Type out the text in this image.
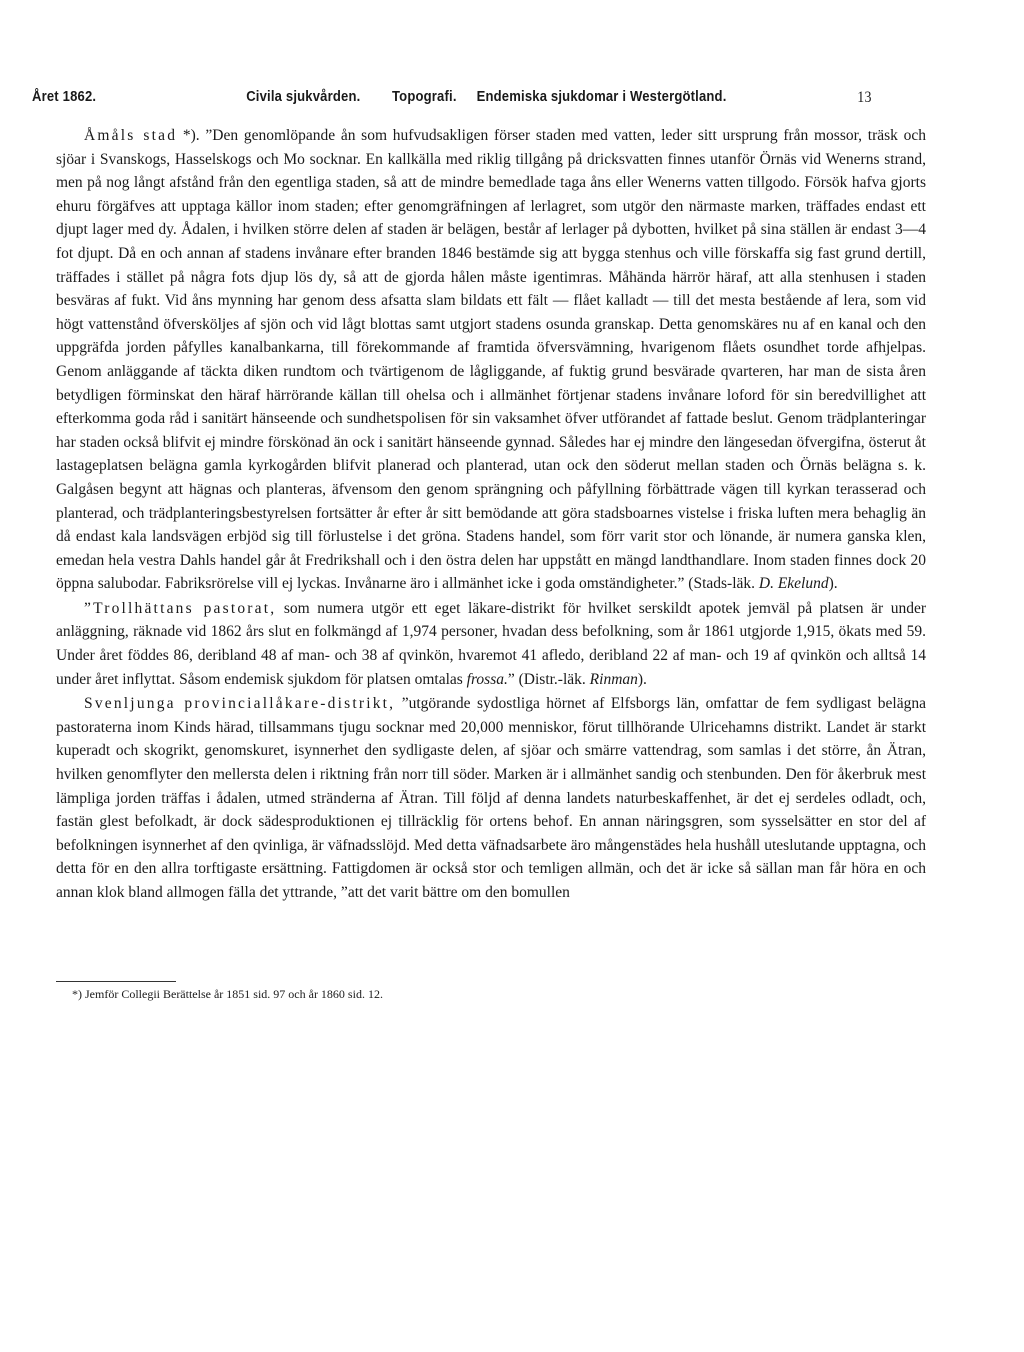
Året 1862.	Civila sjukvården. Topografi. Endemiska sjukdomar i Westergötland.	13

Åmåls stad *). ”Den genomlöpande ån som hufvudsakligen förser staden med vatten, leder sitt ursprung från mossor, träsk och sjöar i Svanskogs, Hasselskogs och Mo socknar. En kallkälla med riklig tillgång på dricksvatten finnes utanför Örnäs vid Wenerns strand, men på nog långt afstånd från den egentliga staden, så att de mindre bemedlade taga åns eller Wenerns vatten tillgodo. Försök hafva gjorts ehuru förgäfves att upptaga källor inom staden; efter genomgräfningen af lerlagret, som utgör den närmaste marken, träffades endast ett djupt lager med dy. Ådalen, i hvilken större delen af staden är belägen, består af lerlager på dybotten, hvilket på sina ställen är endast 3—4 fot djupt. Då en och annan af stadens invånare efter branden 1846 bestämde sig att bygga stenhus och ville förskaffa sig fast grund dertill, träffades i stället på några fots djup lös dy, så att de gjorda hålen måste igentimras. Måhända härrör häraf, att alla stenhusen i staden besväras af fukt. Vid åns mynning har genom dess afsatta slam bildats ett fält — flået kalladt — till det mesta bestående af lera, som vid högt vattenstånd öfversköljes af sjön och vid lågt blottas samt utgjort stadens osunda granskap. Detta genomskäres nu af en kanal och den uppgräfda jorden påfylles kanalbankarna, till förekommande af framtida öfversvämning, hvarigenom flåets osundhet torde afhjelpas. Genom anläggande af täckta diken rundtom och tvärtigenom de lågliggande, af fuktig grund besvärade qvarteren, har man de sista åren betydligen förminskat den häraf härrörande källan till ohelsa och i allmänhet förtjenar stadens invånare loford för sin beredvillighet att efterkomma goda råd i sanitärt hänseende och sundhetspolisen för sin vaksamhet öfver utförandet af fattade beslut. Genom trädplanteringar har staden också blifvit ej mindre förskönad än ock i sanitärt hänseende gynnad. Således har ej mindre den längesedan öfvergifna, österut åt lastageplatsen belägna gamla kyrkogården blifvit planerad och planterad, utan ock den söderut mellan staden och Örnäs belägna s. k. Galgåsen begynt att hägnas och planteras, äfvensom den genom sprängning och påfyllning förbättrade vägen till kyrkan terasserad och planterad, och trädplanteringsbestyrelsen fortsätter år efter år sitt bemödande att göra stadsboarnes vistelse i friska luften mera behaglig än då endast kala landsvägen erbjöd sig till förlustelse i det gröna. Stadens handel, som förr varit stor och lönande, är numera ganska klen, emedan hela vestra Dahls handel går åt Fredrikshall och i den östra delen har uppstått en mängd landthandlare. Inom staden finnes dock 20 öppna salubodar. Fabriksrörelse vill ej lyckas. Invånarne äro i allmänhet icke i goda omständigheter.” (Stads-läk. D. Ekelund).

”Trollhättans pastorat, som numera utgör ett eget läkare-distrikt för hvilket serskildt apotek jemväl på platsen är under anläggning, räknade vid 1862 års slut en folkmängd af 1,974 personer, hvadan dess befolkning, som år 1861 utgjorde 1,915, ökats med 59. Under året föddes 86, deribland 48 af man- och 38 af qvinkön, hvaremot 41 afledo, deribland 22 af man- och 19 af qvinkön och alltså 14 under året inflyttat. Såsom endemisk sjukdom för platsen omtalas frossa.” (Distr.-läk. Rinman).

Svenljunga provinciallåkare-distrikt, ”utgörande sydostliga hörnet af Elfsborgs län, omfattar de fem sydligast belägna pastoraterna inom Kinds härad, tillsammans tjugu socknar med 20,000 menniskor, förut tillhörande Ulricehamns distrikt. Landet är starkt kuperadt och skogrikt, genomskuret, isynnerhet den sydligaste delen, af sjöar och smärre vattendrag, som samlas i det större, ån Ätran, hvilken genomflyter den mellersta delen i riktning från norr till söder. Marken är i allmänhet sandig och stenbunden. Den för åkerbruk mest lämpliga jorden träffas i ådalen, utmed stränderna af Ätran. Till följd af denna landets naturbeskaffenhet, är det ej serdeles odladt, och, fastän glest befolkadt, är dock sädesproduktionen ej tillräcklig för ortens behof. En annan näringsgren, som sysselsätter en stor del af befolkningen isynnerhet af den qvinliga, är väfnadsslöjd. Med detta väfnadsarbete äro mångenstädes hela hushåll uteslutande upptagna, och detta för en den allra torftigaste ersättning. Fattigdomen är också stor och temligen allmän, och det är icke så sällan man får höra en och annan klok bland allmogen fälla det yttrande, ”att det varit bättre om den bomullen

*) Jemför Collegii Berättelse år 1851 sid. 97 och år 1860 sid. 12.
